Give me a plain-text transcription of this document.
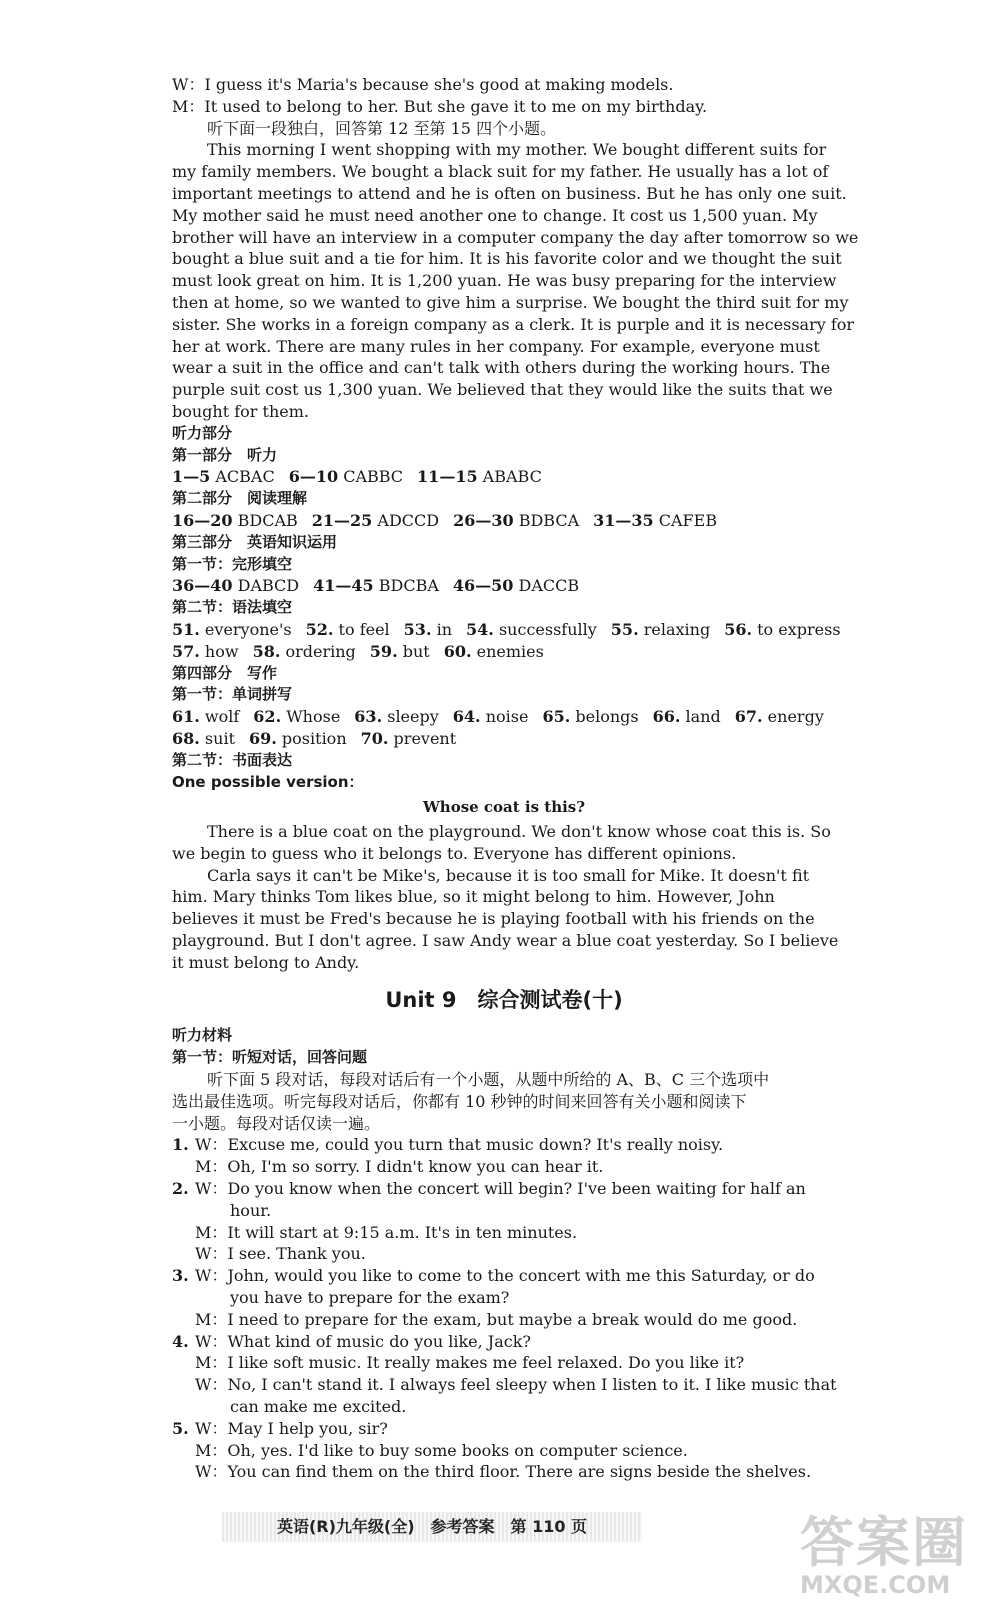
W：I guess it's Maria's because she's good at making models.
M：It used to belong to her. But she gave it to me on my birthday.
听下面一段独白，回答第 12 至第 15 四个小题。
This morning I went shopping with my mother. We bought different suits for
my family members. We bought a black suit for my father. He usually has a lot of
important meetings to attend and he is often on business. But he has only one suit.
My mother said he must need another one to change. It cost us 1,500 yuan. My
brother will have an interview in a computer company the day after tomorrow so we
bought a blue suit and a tie for him. It is his favorite color and we thought the suit
must look great on him. It is 1,200 yuan. He was busy preparing for the interview
then at home, so we wanted to give him a surprise. We bought the third suit for my
sister. She works in a foreign company as a clerk. It is purple and it is necessary for
her at work. There are many rules in her company. For example, everyone must
wear a suit in the office and can't talk with others during the working hours. The
purple suit cost us 1,300 yuan. We believed that they would like the suits that we
bought for them.
听力部分
第一部分　听力
1—5 ACBAC 6—10 CABBC 11—15 ABABC
第二部分　阅读理解
16—20 BDCAB 21—25 ADCCD 26—30 BDBCA 31—35 CAFEB
第三部分　英语知识运用
第一节：完形填空
36—40 DABCD 41—45 BDCBA 46—50 DACCB
第二节：语法填空
51. everyone's 52. to feel 53. in 54. successfully 55. relaxing 56. to express
57. how 58. ordering 59. but 60. enemies
第四部分　写作
第一节：单词拼写
61. wolf 62. Whose 63. sleepy 64. noise 65. belongs 66. land 67. energy
68. suit 69. position 70. prevent
第二节：书面表达
One possible version：
Whose coat is this?
There is a blue coat on the playground. We don't know whose coat this is. So
we begin to guess who it belongs to. Everyone has different opinions.
Carla says it can't be Mike's, because it is too small for Mike. It doesn't fit
him. Mary thinks Tom likes blue, so it might belong to him. However, John
believes it must be Fred's because he is playing football with his friends on the
playground. But I don't agree. I saw Andy wear a blue coat yesterday. So I believe
it must belong to Andy.
Unit 9　综合测试卷(十)
听力材料
第一节：听短对话，回答问题
听下面 5 段对话，每段对话后有一个小题，从题中所给的 A、B、C 三个选项中
选出最佳选项。听完每段对话后，你都有 10 秒钟的时间来回答有关小题和阅读下
一小题。每段对话仅读一遍。
1. W：Excuse me, could you turn that music down? It's really noisy.
M：Oh, I'm so sorry. I didn't know you can hear it.
2. W：Do you know when the concert will begin? I've been waiting for half an
hour.
M：It will start at 9:15 a.m. It's in ten minutes.
W：I see. Thank you.
3. W：John, would you like to come to the concert with me this Saturday, or do
you have to prepare for the exam?
M：I need to prepare for the exam, but maybe a break would do me good.
4. W：What kind of music do you like, Jack?
M：I like soft music. It really makes me feel relaxed. Do you like it?
W：No, I can't stand it. I always feel sleepy when I listen to it. I like music that
can make me excited.
5. W：May I help you, sir?
M：Oh, yes. I'd like to buy some books on computer science.
W：You can find them on the third floor. There are signs beside the shelves.
英语(R)九年级(全)　参考答案　第 110 页	答案圈
MXQE.COM
